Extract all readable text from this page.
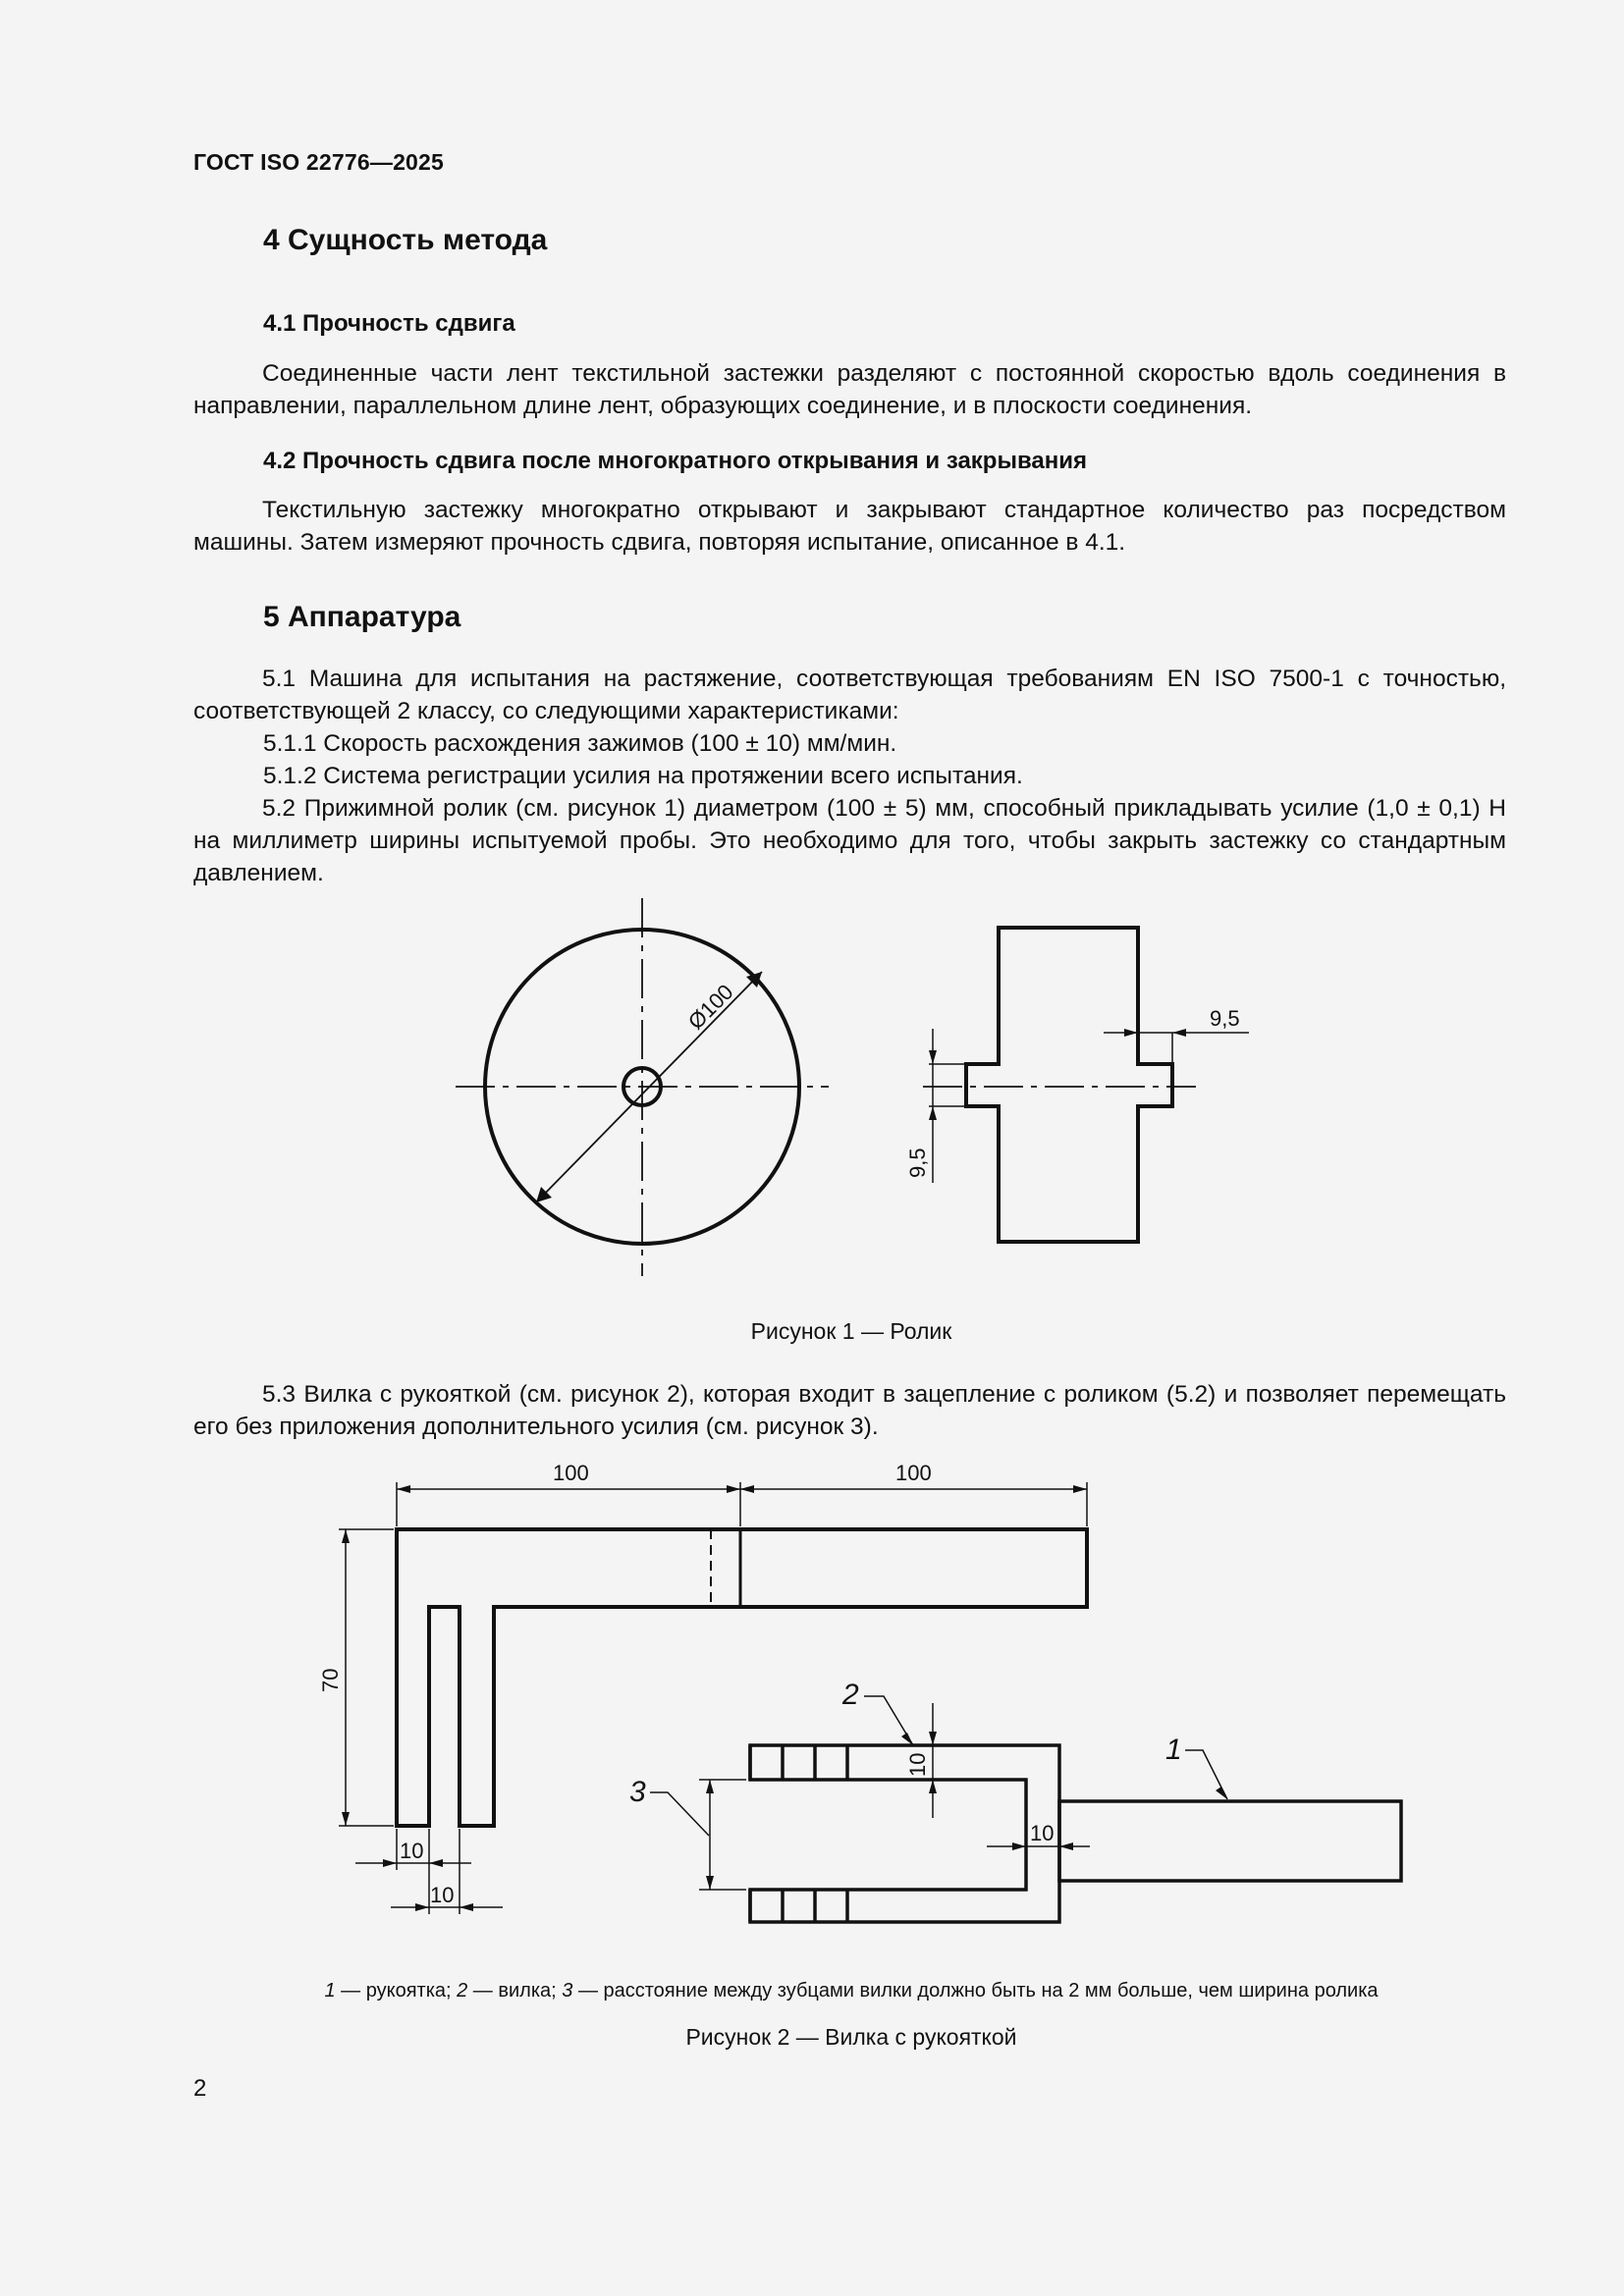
ГОСТ ISO 22776—2025
4 Сущность метода
4.1 Прочность сдвига
Соединенные части лент текстильной застежки разделяют с постоянной скоростью вдоль соединения в направлении, параллельном длине лент, образующих соединение, и в плоскости соединения.
4.2 Прочность сдвига после многократного открывания и закрывания
Текстильную застежку многократно открывают и закрывают стандартное количество раз посредством машины. Затем измеряют прочность сдвига, повторяя испытание, описанное в 4.1.
5 Аппаратура
5.1 Машина для испытания на растяжение, соответствующая требованиям EN ISO 7500-1 с точностью, соответствующей 2 классу, со следующими характеристиками:
5.1.1 Скорость расхождения зажимов (100 ± 10) мм/мин.
5.1.2 Система регистрации усилия на протяжении всего испытания.
5.2 Прижимной ролик (см. рисунок 1) диаметром (100 ± 5) мм, способный прикладывать усилие (1,0 ± 0,1) Н на миллиметр ширины испытуемой пробы. Это необходимо для того, чтобы закрыть застежку со стандартным давлением.
Ø100	9,5
9,5
Рисунок 1 — Ролик
5.3 Вилка с рукояткой (см. рисунок 2), которая входит в зацепление с роликом (5.2) и позволяет перемещать его без приложения дополнительного усилия (см. рисунок 3).
100	100
70
10
10
10
10
2
1
3
1 — рукоятка; 2 — вилка; 3 — расстояние между зубцами вилки должно быть на 2 мм больше, чем ширина ролика
Рисунок 2 — Вилка с рукояткой
2
